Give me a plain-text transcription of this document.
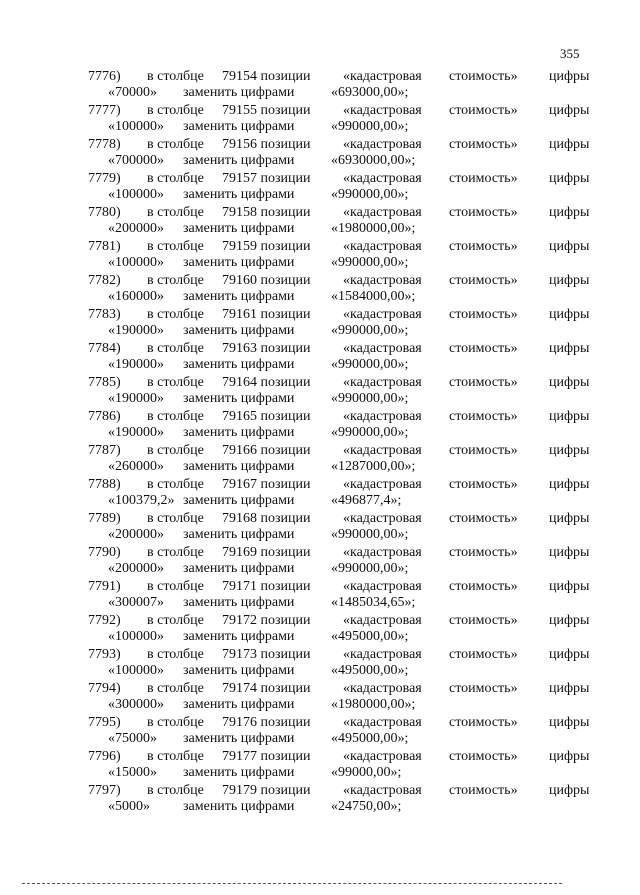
355
7776) в столбце 79154 позиции «кадастровая стоимость» цифры
«70000» заменить цифрами	«693000,00»;
7777) в столбце 79155 позиции «кадастровая стоимость» цифры
«100000» заменить цифрами	«990000,00»;
7778) в столбце 79156 позиции «кадастровая стоимость» цифры
«700000» заменить цифрами	«6930000,00»;
7779) в столбце 79157 позиции «кадастровая стоимость» цифры
«100000» заменить цифрами	«990000,00»;
7780) в столбце 79158 позиции «кадастровая стоимость» цифры
«200000» заменить цифрами	«1980000,00»;
7781) в столбце 79159 позиции «кадастровая стоимость» цифры
«100000» заменить цифрами	«990000,00»;
7782) в столбце 79160 позиции «кадастровая стоимость» цифры
«160000» заменить цифрами	«1584000,00»;
7783) в столбце 79161 позиции «кадастровая стоимость» цифры
«190000» заменить цифрами	«990000,00»;
7784) в столбце 79163 позиции «кадастровая стоимость» цифры
«190000» заменить цифрами	«990000,00»;
7785) в столбце 79164 позиции «кадастровая стоимость» цифры
«190000» заменить цифрами	«990000,00»;
7786) в столбце 79165 позиции «кадастровая стоимость» цифры
«190000» заменить цифрами	«990000,00»;
7787) в столбце 79166 позиции «кадастровая стоимость» цифры
«260000» заменить цифрами	«1287000,00»;
7788) в столбце 79167 позиции «кадастровая стоимость» цифры
«100379,2» заменить цифрами	«496877,4»;
7789) в столбце 79168 позиции «кадастровая стоимость» цифры
«200000» заменить цифрами	«990000,00»;
7790) в столбце 79169 позиции «кадастровая стоимость» цифры
«200000» заменить цифрами	«990000,00»;
7791) в столбце 79171 позиции «кадастровая стоимость» цифры
«300007» заменить цифрами	«1485034,65»;
7792) в столбце 79172 позиции «кадастровая стоимость» цифры
«100000» заменить цифрами	«495000,00»;
7793) в столбце 79173 позиции «кадастровая стоимость» цифры
«100000» заменить цифрами	«495000,00»;
7794) в столбце 79174 позиции «кадастровая стоимость» цифры
«300000» заменить цифрами	«1980000,00»;
7795) в столбце 79176 позиции «кадастровая стоимость» цифры
«75000» заменить цифрами	«495000,00»;
7796) в столбце 79177 позиции «кадастровая стоимость» цифры
«15000» заменить цифрами	«99000,00»;
7797) в столбце 79179 позиции «кадастровая стоимость» цифры
«5000» заменить цифрами	«24750,00»;
